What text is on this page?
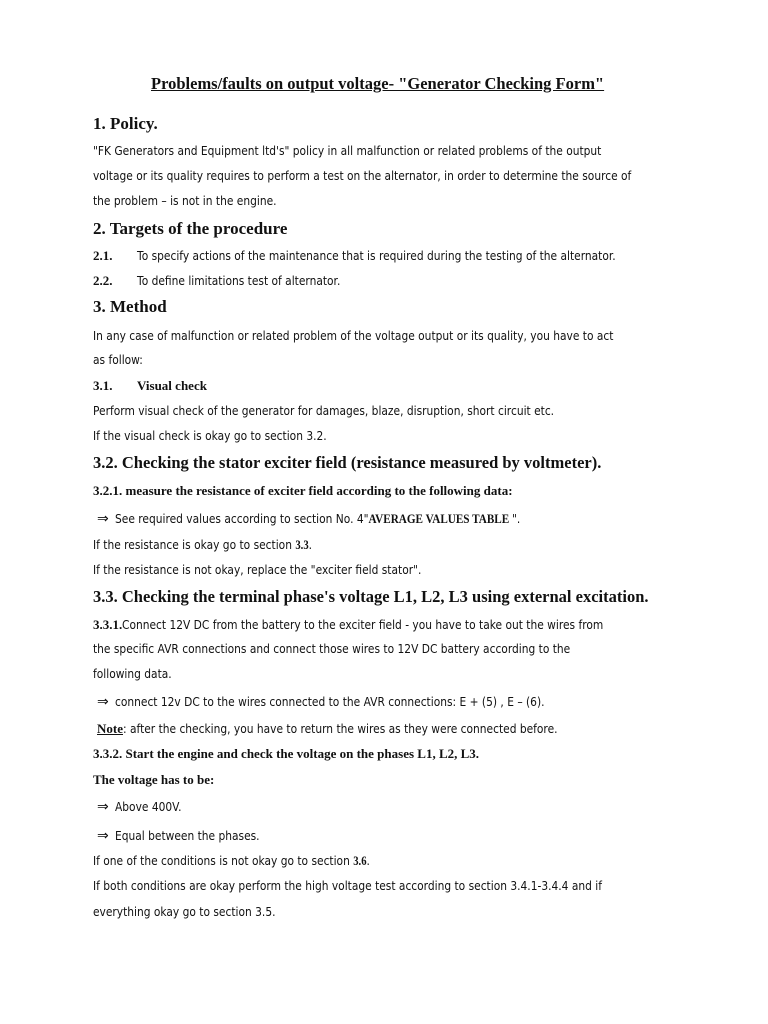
Problems/faults on output voltage- "Generator Checking Form"
1. Policy.
"FK Generators and Equipment ltd's" policy in all malfunction or related problems of the output
voltage or its quality requires to perform a test on the alternator, in order to determine the source of
the problem – is not in the engine.
2. Targets of the procedure
2.1. To specify actions of the maintenance that is required during the testing of the alternator.
2.2.To define limitations test of alternator.
3. Method
In any case of malfunction or related problem of the voltage output or its quality, you have to act
as follow:
3.1. Visual check
Perform visual check of the generator for damages, blaze, disruption, short circuit etc.
If the visual check is okay go to section 3.2.
3.2. Checking the stator exciter field (resistance measured by voltmeter).
3.2.1. measure the resistance of exciter field according to the following data:
⇒ See required values according to section No. 4"AVERAGE VALUES TABLE ".
If the resistance is okay go to section 3.3.
If the resistance is not okay, replace the "exciter field stator".
3.3. Checking the terminal phase's voltage L1, L2, L3 using external excitation.
3.3.1.Connect 12V DC from the battery to the exciter field - you have to take out the wires from
the specific AVR connections and connect those wires to 12V DC battery according to the
following data.
⇒ connect 12v DC to the wires connected to the AVR connections: E + (5) , E – (6).
Note: after the checking, you have to return the wires as they were connected before.
3.3.2. Start the engine and check the voltage on the phases L1, L2, L3.
The voltage has to be:
⇒ Above 400V.
⇒ Equal between the phases.
If one of the conditions is not okay go to section 3.6.
If both conditions are okay perform the high voltage test according to section 3.4.1-3.4.4 and if
everything okay go to section 3.5.
